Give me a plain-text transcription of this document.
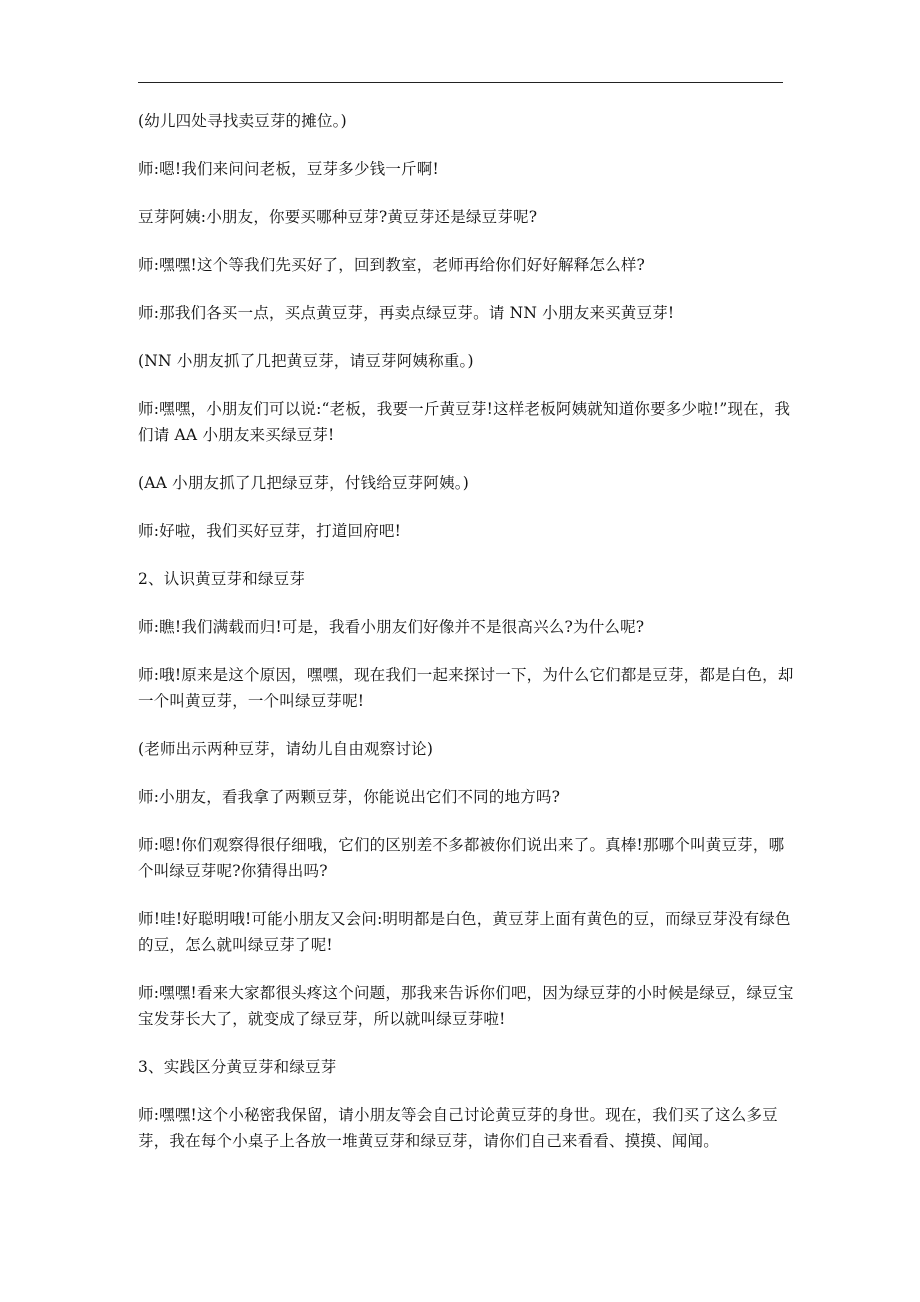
(幼儿四处寻找卖豆芽的摊位。)

师:嗯!我们来问问老板，豆芽多少钱一斤啊!

豆芽阿姨:小朋友，你要买哪种豆芽?黄豆芽还是绿豆芽呢?

师:嘿嘿!这个等我们先买好了，回到教室，老师再给你们好好解释怎么样?

师:那我们各买一点，买点黄豆芽，再卖点绿豆芽。请 NN 小朋友来买黄豆芽!

(NN 小朋友抓了几把黄豆芽，请豆芽阿姨称重。)

师:嘿嘿，小朋友们可以说:“老板，我要一斤黄豆芽!这样老板阿姨就知道你要多少啦!”现在，我们请 AA 小朋友来买绿豆芽!

(AA 小朋友抓了几把绿豆芽，付钱给豆芽阿姨。)

师:好啦，我们买好豆芽，打道回府吧!

2、认识黄豆芽和绿豆芽

师:瞧!我们满载而归!可是，我看小朋友们好像并不是很高兴么?为什么呢?

师:哦!原来是这个原因，嘿嘿，现在我们一起来探讨一下，为什么它们都是豆芽，都是白色，却一个叫黄豆芽，一个叫绿豆芽呢!

(老师出示两种豆芽，请幼儿自由观察讨论)

师:小朋友，看我拿了两颗豆芽，你能说出它们不同的地方吗?

师:嗯!你们观察得很仔细哦，它们的区别差不多都被你们说出来了。真棒!那哪个叫黄豆芽，哪个叫绿豆芽呢?你猜得出吗?

师!哇!好聪明哦!可能小朋友又会问:明明都是白色，黄豆芽上面有黄色的豆，而绿豆芽没有绿色的豆，怎么就叫绿豆芽了呢!

师:嘿嘿!看来大家都很头疼这个问题，那我来告诉你们吧，因为绿豆芽的小时候是绿豆，绿豆宝宝发芽长大了，就变成了绿豆芽，所以就叫绿豆芽啦!

3、实践区分黄豆芽和绿豆芽

师:嘿嘿!这个小秘密我保留，请小朋友等会自己讨论黄豆芽的身世。现在，我们买了这么多豆芽，我在每个小桌子上各放一堆黄豆芽和绿豆芽，请你们自己来看看、摸摸、闻闻。
